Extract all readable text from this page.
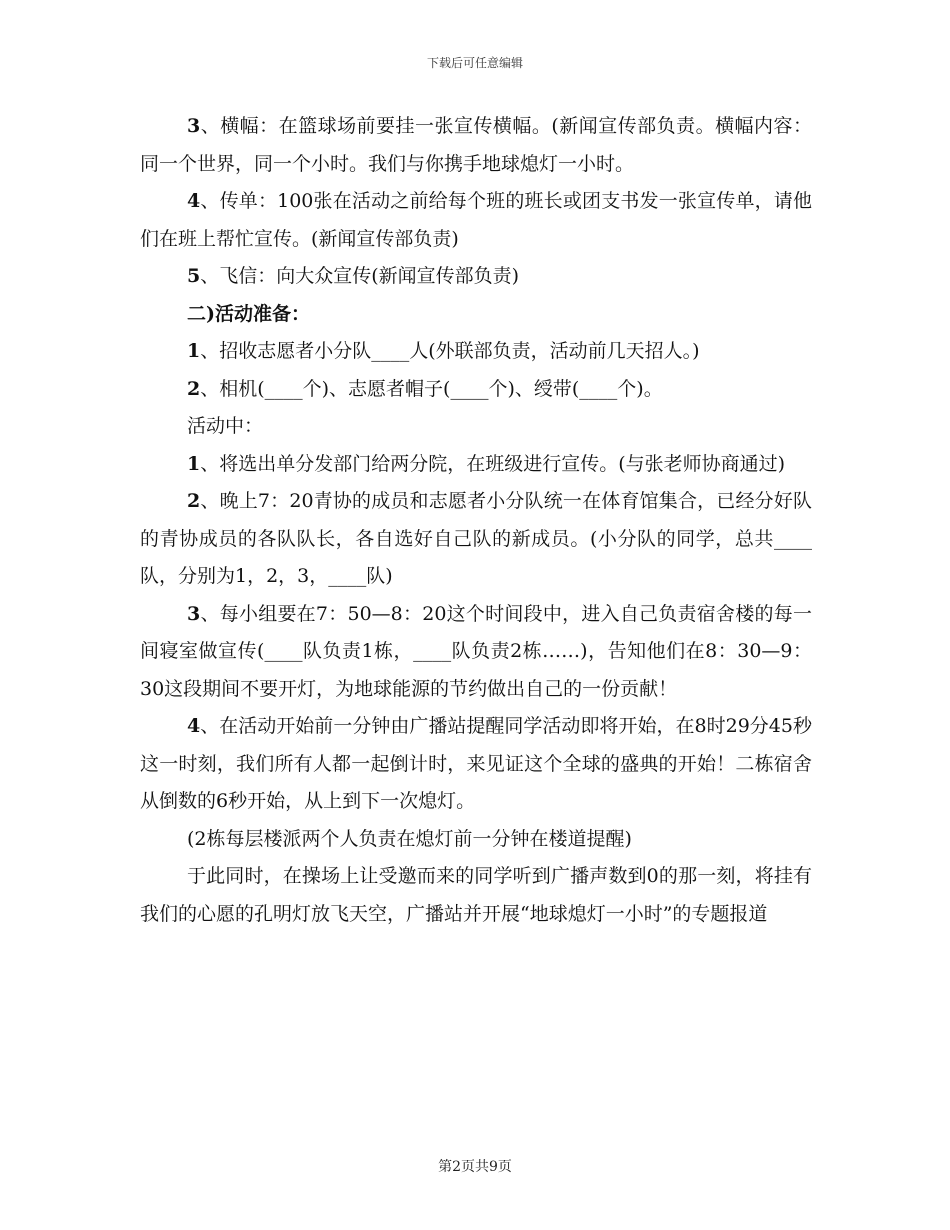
下载后可任意编辑

3、横幅：在篮球场前要挂一张宣传横幅。(新闻宣传部负责。横幅内容：同一个世界，同一个小时。我们与你携手地球熄灯一小时。

4、传单：100张在活动之前给每个班的班长或团支书发一张宣传单，请他们在班上帮忙宣传。(新闻宣传部负责)

5、飞信：向大众宣传(新闻宣传部负责)

二)活动准备：

1、招收志愿者小分队____人(外联部负责，活动前几天招人。)

2、相机(____个)、志愿者帽子(____个)、绶带(____个)。

活动中：

1、将选出单分发部门给两分院，在班级进行宣传。(与张老师协商通过)

2、晚上7：20青协的成员和志愿者小分队统一在体育馆集合，已经分好队的青协成员的各队队长，各自选好自己队的新成员。(小分队的同学，总共____队，分别为1，2，3，____队)

3、每小组要在7：50—8：20这个时间段中，进入自己负责宿舍楼的每一间寝室做宣传(____队负责1栋，____队负责2栋……)，告知他们在8：30—9：30这段期间不要开灯，为地球能源的节约做出自己的一份贡献！

4、在活动开始前一分钟由广播站提醒同学活动即将开始，在8时29分45秒这一时刻，我们所有人都一起倒计时，来见证这个全球的盛典的开始！二栋宿舍从倒数的6秒开始，从上到下一次熄灯。

(2栋每层楼派两个人负责在熄灯前一分钟在楼道提醒)

于此同时，在操场上让受邀而来的同学听到广播声数到0的那一刻，将挂有我们的心愿的孔明灯放飞天空，广播站并开展“地球熄灯一小时”的专题报道

第2页共9页
